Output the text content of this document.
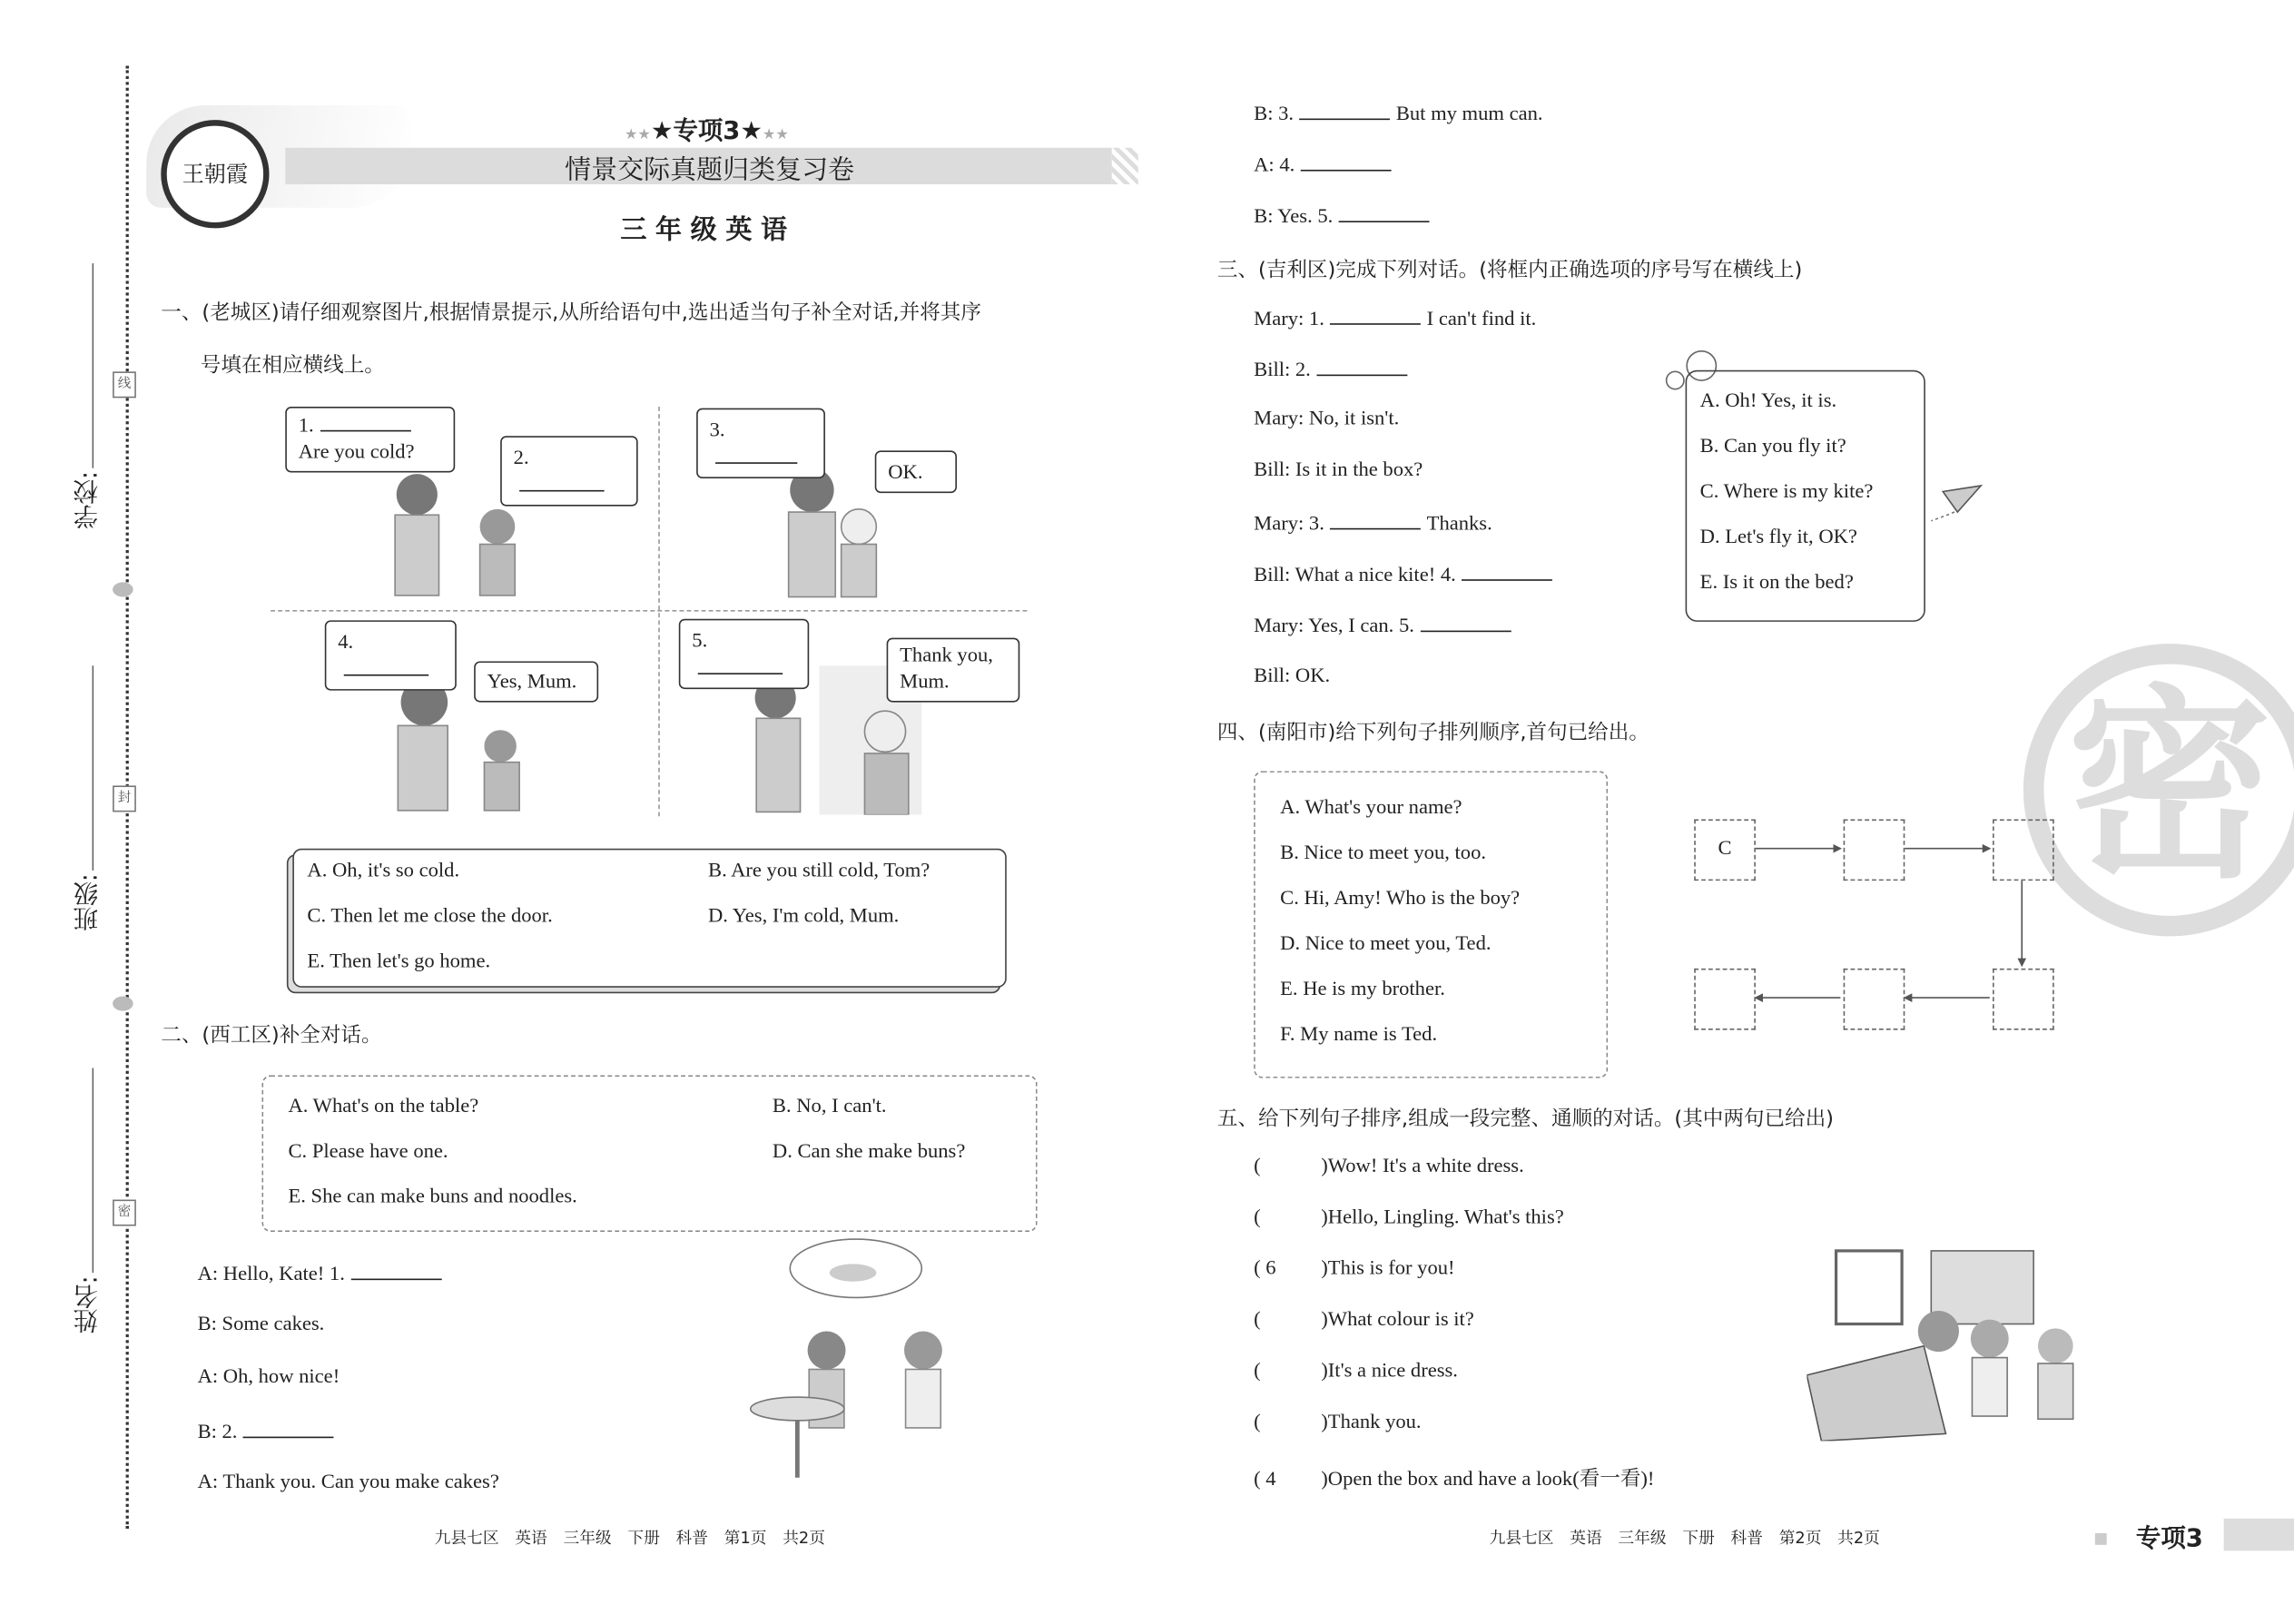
学校:
班级:
姓名:
线
封
密
王朝霞
★★★专项3★★★
情景交际真题归类复习卷
三年级英语
一、(老城区)请仔细观察图片,根据情景提示,从所给语句中,选出适当句子补全对话,并将其序
号填在相应横线上。
1.
Are you cold?	2.
3.
OK.
4.
Yes, Mum.
5.
Thank you, Mum.
A. Oh, it's so cold.	B. Are you still cold, Tom?
C. Then let me close the door.	D. Yes, I'm cold, Mum.
E. Then let's go home.
二、(西工区)补全对话。
A. What's on the table?	B. No, I can't.
C. Please have one.	D. Can she make buns?
E. She can make buns and noodles.
九县七区　英语　三年级　下册　科普　第1页　共2页
三、(吉利区)完成下列对话。(将框内正确选项的序号写在横线上)
四、(南阳市)给下列句子排列顺序,首句已给出。
五、给下列句子排序,组成一段完整、通顺的对话。(其中两句已给出)
九县七区　英语　三年级　下册　科普　第2页　共2页	专项3
密
A: Hello, Kate! 1.
B: Some cakes.
A: Oh, how nice!
B: 2.
A: Thank you. Can you make cakes?
B: 3.	But my mum can.
A: 4.
B: Yes. 5.
Mary: 1.	I can't find it.
Bill: 2.
Mary: No, it isn't.
Bill: Is it in the box?
Mary: 3.	Thanks.
Bill: What a nice kite! 4.
Mary: Yes, I can. 5.
Bill: OK.
A. Oh! Yes, it is.
B. Can you fly it?
C. Where is my kite?
D. Let's fly it, OK?
E. Is it on the bed?
A. What's your name?
B. Nice to meet you, too.
C. Hi, Amy! Who is the boy?
D. Nice to meet you, Ted.
E. He is my brother.
F. My name is Ted.
C
(	)Wow! It's a white dress.
(	)Hello, Lingling. What's this?
( 6	)This is for you!
(	)What colour is it?
(	)It's a nice dress.
(	)Thank you.
( 4	)Open the box and have a look(看一看)!
